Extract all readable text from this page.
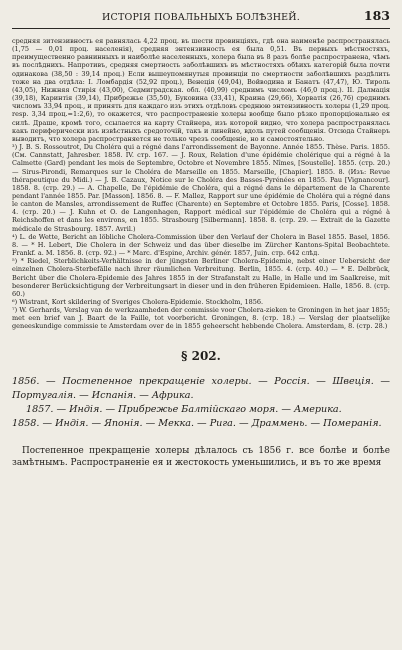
ИСТОРІЯ ПОВАЛЬНЫХЪ БОЛѢЗНЕЙ.	183

средняя зитензивность ея равнялась 4,22 проц. въ шести провинціяхъ, гдѣ она наименѣе распространялась (1,75 — 0,01 проц. населенія), средняя энтензивность ея была 0,51. Въ первыхъ мѣстностяхъ, преимущественно равнинныхъ и наиболѣе населенныхъ, холера была въ 8 разъ болѣе распространена, чѣмъ въ послѣднихъ. Напротивъ, средняя смертность заболѣвшихъ въ мѣстностяхъ обѣихъ категорій была почти одинакова (38,50 : 39,14 проц.) Если вышеупомянутыя провинціи по смертности заболѣвшихъ раздѣлить тоже на два отдѣла: I. Ломбардія (52,92 проц.), Венеція (49,04), Войводина и Банатъ (47,47), Ю. Тироль (43,05), Нижняя Стирія (43,00), Седмиградская. обл. (40,99) среднимъ числомъ (46,0 проц.). II. Далмація (39,18), Каринтія (39,14), Прибрежье (35,50), Буковина (33,41), Краина (29,66), Хорватія (26,76) среднимъ числомъ 33,94 проц., и принять для каждаго изъ этихъ отдѣловъ среднюю энтензивность холеры (1,29 проц. resp. 3,34 проц.=1:2,6), то окажется, что распространеніе холеры вообще было рѣзко пропорціонально ея силѣ. Драше, кромѣ того, ссылается на карту Стайнера, изъ которой видно, что холера распространялась какъ периферически изъ извѣстныхъ средоточій, такъ и линейно, вдоль путей сообщенія. Отсюда Стайнеръ выводитъ, что холера распространяется не только чрезъ сообщеніе, но и самостоятельно.

³) J. B. S. Rossoutrot, Du Choléra qui a régné dans l'arrondissement de Bayonne. Année 1855. Thèse. Paris. 1855. (См. Cannstatt, Jahresber. 1858. IV. стр. 167. — J. Roux, Relation d'une épidémie cholérique qui a régné à la Calmette (Gard) pendant les mois de Septembre, Octobre et Novembre 1855. Nîmes, [Soustelle]. 1855. (стр. 20.) — Sirus-Pirondi, Remarques sur le Choléra de Marseille en 1855. Marseille, [Chapier]. 1855. 8. (Изъ: Revue thérapeutique du Midi.) — J. B. Cazaux, Notice sur le Choléra des Basses-Pyrénées en 1855. Pau [Vignancour]. 1858. 8. (стр. 29.) — A. Chapelle, De l'épidémie de Choléra, qui a régné dans le département de la Charente pendant l'année 1855. Par. [Masson]. 1856. 8. — F. Mallez, Rapport sur une épidémie de Choléra qui a régné dans le canton de Mansles, arrondissement de Ruffec (Charente) en Septembre et Octobre 1855. Paris, [Cosse]. 1858. 4. (стр. 20.) — J. Kuhn et O. de Langenhagen, Rapport médical sur l'épidémie de Choléra qui a régné à Reichshoffen et dans les environs, en 1855. Strasbourg [Silbermann]. 1858. 8. (стр. 29. — Extrait de la Gazette médicale de Strasbourg. 1857. Avril.)

⁴) L. de Wette, Bericht an löbliche Cholera-Commission über den Verlauf der Cholera in Basel 1855. Basel, 1856. 8. — * H. Lebert, Die Cholera in der Schweiz und das über dieselbe im Zürcher Kantons-Spital Beobachtete. Frankf. a. M. 1856. 8. (стр. 92.) — * Marc. d'Espine, Archiv. génér. 1857, Juin. стр. 642 слѣд.

⁵) * Riedel, Sterblichkeits-Verhältnisse in der jüngsten Berliner Cholera-Epidemie, nebst einer Uebersicht der einzelnen Cholera-Sterbefälle nach ihrer räumlichen Verbreitung. Berlin, 1855. 4. (стр. 40.) — * E. Delbrück, Bericht über die Cholera-Epidemie des Jahres 1855 in der Strafanstalt zu Halle, in Halle und im Saalkreise, mit besonderer Berücksichtigung der Verbreitungsart in dieser und in den früheren Epidemieen. Halle, 1856. 8. (стр. 60.)

⁶) Wistrant, Kort skildering of Sveriges Cholera-Epidemie. Stockholm, 1856.

⁷) W. Gerhards, Verslag van de werkzaamheden der commissie voor Cholera-zieken te Groningen in het jaar 1855; met een brief van J. Baart de la Faille, tot voorbericht. Groningen, 8. (стр. 18.) — Verslag der plaatselijke geneeskundige commissie te Amsterdam over de in 1855 geheerscht hebbende Cholera. Amsterdam, 8. (стр. 28.)

§ 202.

1856. — Постепенное прекращеніе холеры. — Россія. — Швеція. — Португалія. — Испанія. — Африка.

1857. — Индія. — Прибрежье Балтійскаго моря. — Америка.

1858. — Индія. — Японія. — Мекка. — Рига. — Драммень. — Померанія.

Постепенное прекращеніе холеры дѣлалось съ 1856 г. все болѣе и болѣе замѣтнымъ. Распространеніе ея и жестокость уменьшились, и въ то же время
